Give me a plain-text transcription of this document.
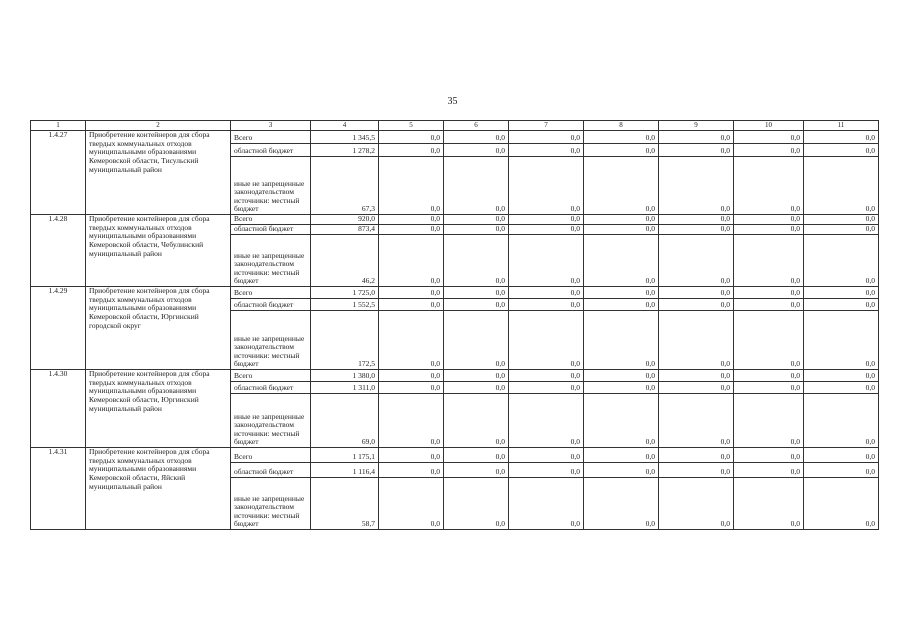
35
1	2	3	4	5	6	7	8	9	10	11
1.4.27	Приобретение контейнеров для сбора твердых коммунальных отходов муниципальными образованиями Кемеровской области, Тисульский муниципальный район	Всего	1 345,5	0,0	0,0	0,0	0,0	0,0	0,0	0,0
		областной бюджет	1 278,2	0,0	0,0	0,0	0,0	0,0	0,0	0,0
		иные не запрещенные законодательством источники: местный бюджет	67,3	0,0	0,0	0,0	0,0	0,0	0,0	0,0
1.4.28	Приобретение контейнеров для сбора твердых коммунальных отходов муниципальными образованиями Кемеровской области, Чебулинский муниципальный район	Всего	920,0	0,0	0,0	0,0	0,0	0,0	0,0	0,0
		областной бюджет	873,4	0,0	0,0	0,0	0,0	0,0	0,0	0,0
		иные не запрещенные законодательством источники: местный бюджет	46,2	0,0	0,0	0,0	0,0	0,0	0,0	0,0
1.4.29	Приобретение контейнеров для сбора твердых коммунальных отходов муниципальными образованиями Кемеровской области, Юргинский городской округ	Всего	1 725,0	0,0	0,0	0,0	0,0	0,0	0,0	0,0
		областной бюджет	1 552,5	0,0	0,0	0,0	0,0	0,0	0,0	0,0
		иные не запрещенные законодательством источники: местный бюджет	172,5	0,0	0,0	0,0	0,0	0,0	0,0	0,0
1.4.30	Приобретение контейнеров для сбора твердых коммунальных отходов муниципальными образованиями Кемеровской области, Юргинский муниципальный район	Всего	1 380,0	0,0	0,0	0,0	0,0	0,0	0,0	0,0
		областной бюджет	1 311,0	0,0	0,0	0,0	0,0	0,0	0,0	0,0
		иные не запрещенные законодательством источники: местный бюджет	69,0	0,0	0,0	0,0	0,0	0,0	0,0	0,0
1.4.31	Приобретение контейнеров для сбора твердых коммунальных отходов муниципальными образованиями Кемеровской области, Яйский муниципальный район	Всего	1 175,1	0,0	0,0	0,0	0,0	0,0	0,0	0,0
		областной бюджет	1 116,4	0,0	0,0	0,0	0,0	0,0	0,0	0,0
		иные не запрещенные законодательством источники: местный бюджет	58,7	0,0	0,0	0,0	0,0	0,0	0,0	0,0
